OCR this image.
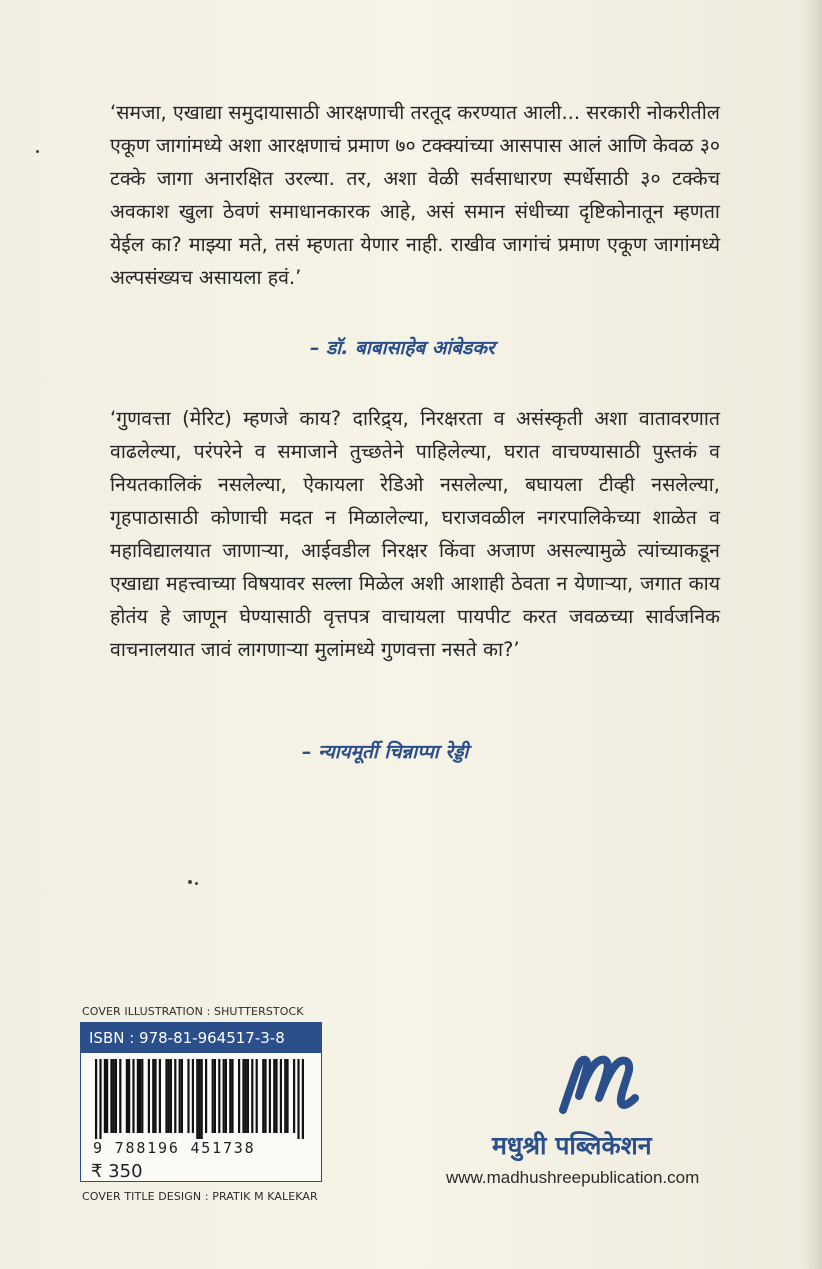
‘समजा, एखाद्या समुदायासाठी आरक्षणाची तरतूद करण्यात आली... सरकारी नोकरीतील एकूण जागांमध्ये अशा आरक्षणाचं प्रमाण ७० टक्क्यांच्या आसपास आलं आणि केवळ ३० टक्के जागा अनारक्षित उरल्या. तर, अशा वेळी सर्वसाधारण स्पर्धेसाठी ३० टक्केच अवकाश खुला ठेवणं समाधानकारक आहे, असं समान संधीच्या दृष्टिकोनातून म्हणता येईल का? माझ्या मते, तसं म्हणता येणार नाही. राखीव जागांचं प्रमाण एकूण जागांमध्ये अल्पसंख्यच असायला हवं.’

– डॉ. बाबासाहेब आंबेडकर

‘गुणवत्ता (मेरिट) म्हणजे काय? दारिद्र्य, निरक्षरता व असंस्कृती अशा वातावरणात वाढलेल्या, परंपरेने व समाजाने तुच्छतेने पाहिलेल्या, घरात वाचण्यासाठी पुस्तकं व नियतकालिकं नसलेल्या, ऐकायला रेडिओ नसलेल्या, बघायला टीव्ही नसलेल्या, गृहपाठासाठी कोणाची मदत न मिळालेल्या, घराजवळील नगरपालिकेच्या शाळेत व महाविद्यालयात जाणाऱ्या, आईवडील निरक्षर किंवा अजाण असल्यामुळे त्यांच्याकडून एखाद्या महत्त्वाच्या विषयावर सल्ला मिळेल अशी आशाही ठेवता न येणाऱ्या, जगात काय होतंय हे जाणून घेण्यासाठी वृत्तपत्र वाचायला पायपीट करत जवळच्या सार्वजनिक वाचनालयात जावं लागणाऱ्या मुलांमध्ये गुणवत्ता नसते का?’

– न्यायमूर्ती चिन्नाप्पा रेड्डी
COVER ILLUSTRATION : SHUTTERSTOCK
ISBN : 978-81-964517-3-8
9 788196 451738
₹ 350
COVER TITLE DESIGN : PRATIK M KALEKAR
मधुश्री पब्लिकेशन
www.madhushreepublication.com
